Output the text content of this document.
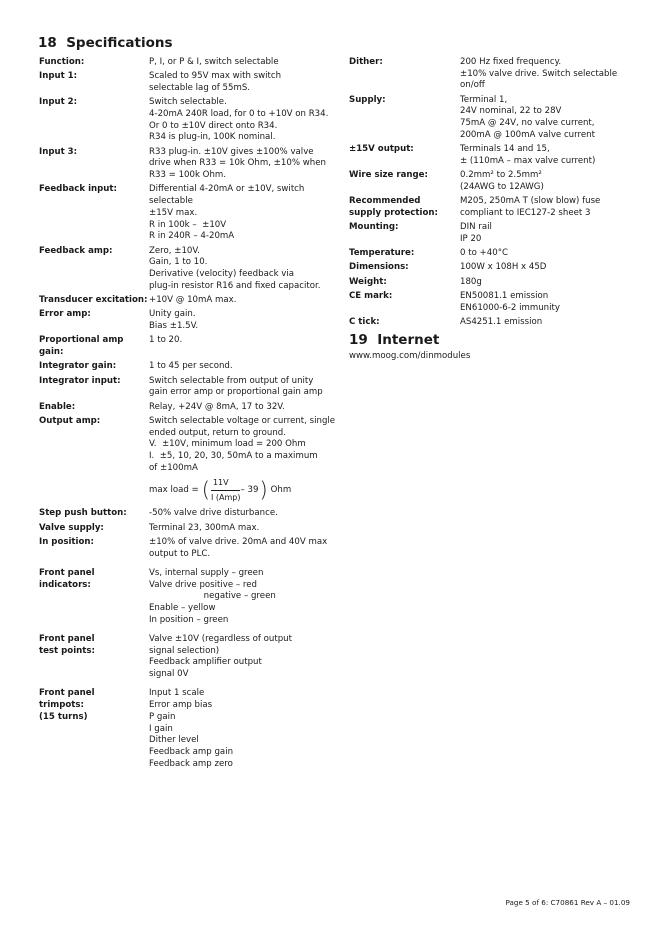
18 Specifications
Function:	P, I, or P & I, switch selectable
Input 1:	Scaled to 95V max with switch
selectable lag of 55mS.
Input 2:	Switch selectable.
4-20mA 240R load, for 0 to +10V on R34.
Or 0 to ±10V direct onto R34.
R34 is plug-in, 100K nominal.
Input 3:	R33 plug-in. ±10V gives ±100% valve
drive when R33 = 10k Ohm, ±10% when
R33 = 100k Ohm.
Feedback input:	Differential 4-20mA or ±10V, switch
selectable
±15V max.
R in 100k –  ±10V
R in 240R – 4-20mA
Feedback amp:	Zero, ±10V.
Gain, 1 to 10.
Derivative (velocity) feedback via
plug-in resistor R16 and fixed capacitor.
Transducer excitation: +10V @ 10mA max.
Error amp:	Unity gain.
Bias ±1.5V.
Proportional amp gain:
1 to 20.
Integrator gain:	1 to 45 per second.
Integrator input:	Switch selectable from output of unity
gain error amp or proportional gain amp
Enable:	Relay, +24V @ 8mA, 17 to 32V.
Output amp:	Switch selectable voltage or current, single
ended output, return to ground.
V.  ±10V, minimum load = 200 Ohm
I.  ±5, 10, 20, 30, 50mA to a maximum
of ±100mA
max load = ( $\frac{11V}{\text{I (Amp)}} - 39$ ) Ohm
Step push button:	-50% valve drive disturbance.
Valve supply:	Terminal 23, 300mA max.
In position:	±10% of valve drive. 20mA and 40V max
output to PLC.
Front panel
indicators:
Vs, internal supply – green
Valve drive positive – red
negative – green
Enable – yellow
In position – green
Front panel
test points:
Valve ±10V (regardless of output
signal selection)
Feedback amplifier output
signal 0V
Front panel
trimpots:
(15 turns)
Input 1 scale
Error amp bias
P gain
I gain
Dither level
Feedback amp gain
Feedback amp zero
Dither:	200 Hz fixed frequency.
±10% valve drive. Switch selectable
on/off
Supply:	Terminal 1,
24V nominal, 22 to 28V
75mA @ 24V, no valve current,
200mA @ 100mA valve current
±15V output:	Terminals 14 and 15,
± (110mA – max valve current)
Wire size range:	0.2mm² to 2.5mm²
(24AWG to 12AWG)
Recommended
supply protection:
M205, 250mA T (slow blow) fuse
compliant to IEC127-2 sheet 3
Mounting:	DIN rail
IP 20
Temperature:	0 to +40°C
Dimensions:	100W x 108H x 45D
Weight:	180g
CE mark:	EN50081.1 emission
EN61000-6-2 immunity
C tick:	AS4251.1 emission
19 Internet
www.moog.com/dinmodules
Page 5 of 6: C70861 Rev A – 01.09
